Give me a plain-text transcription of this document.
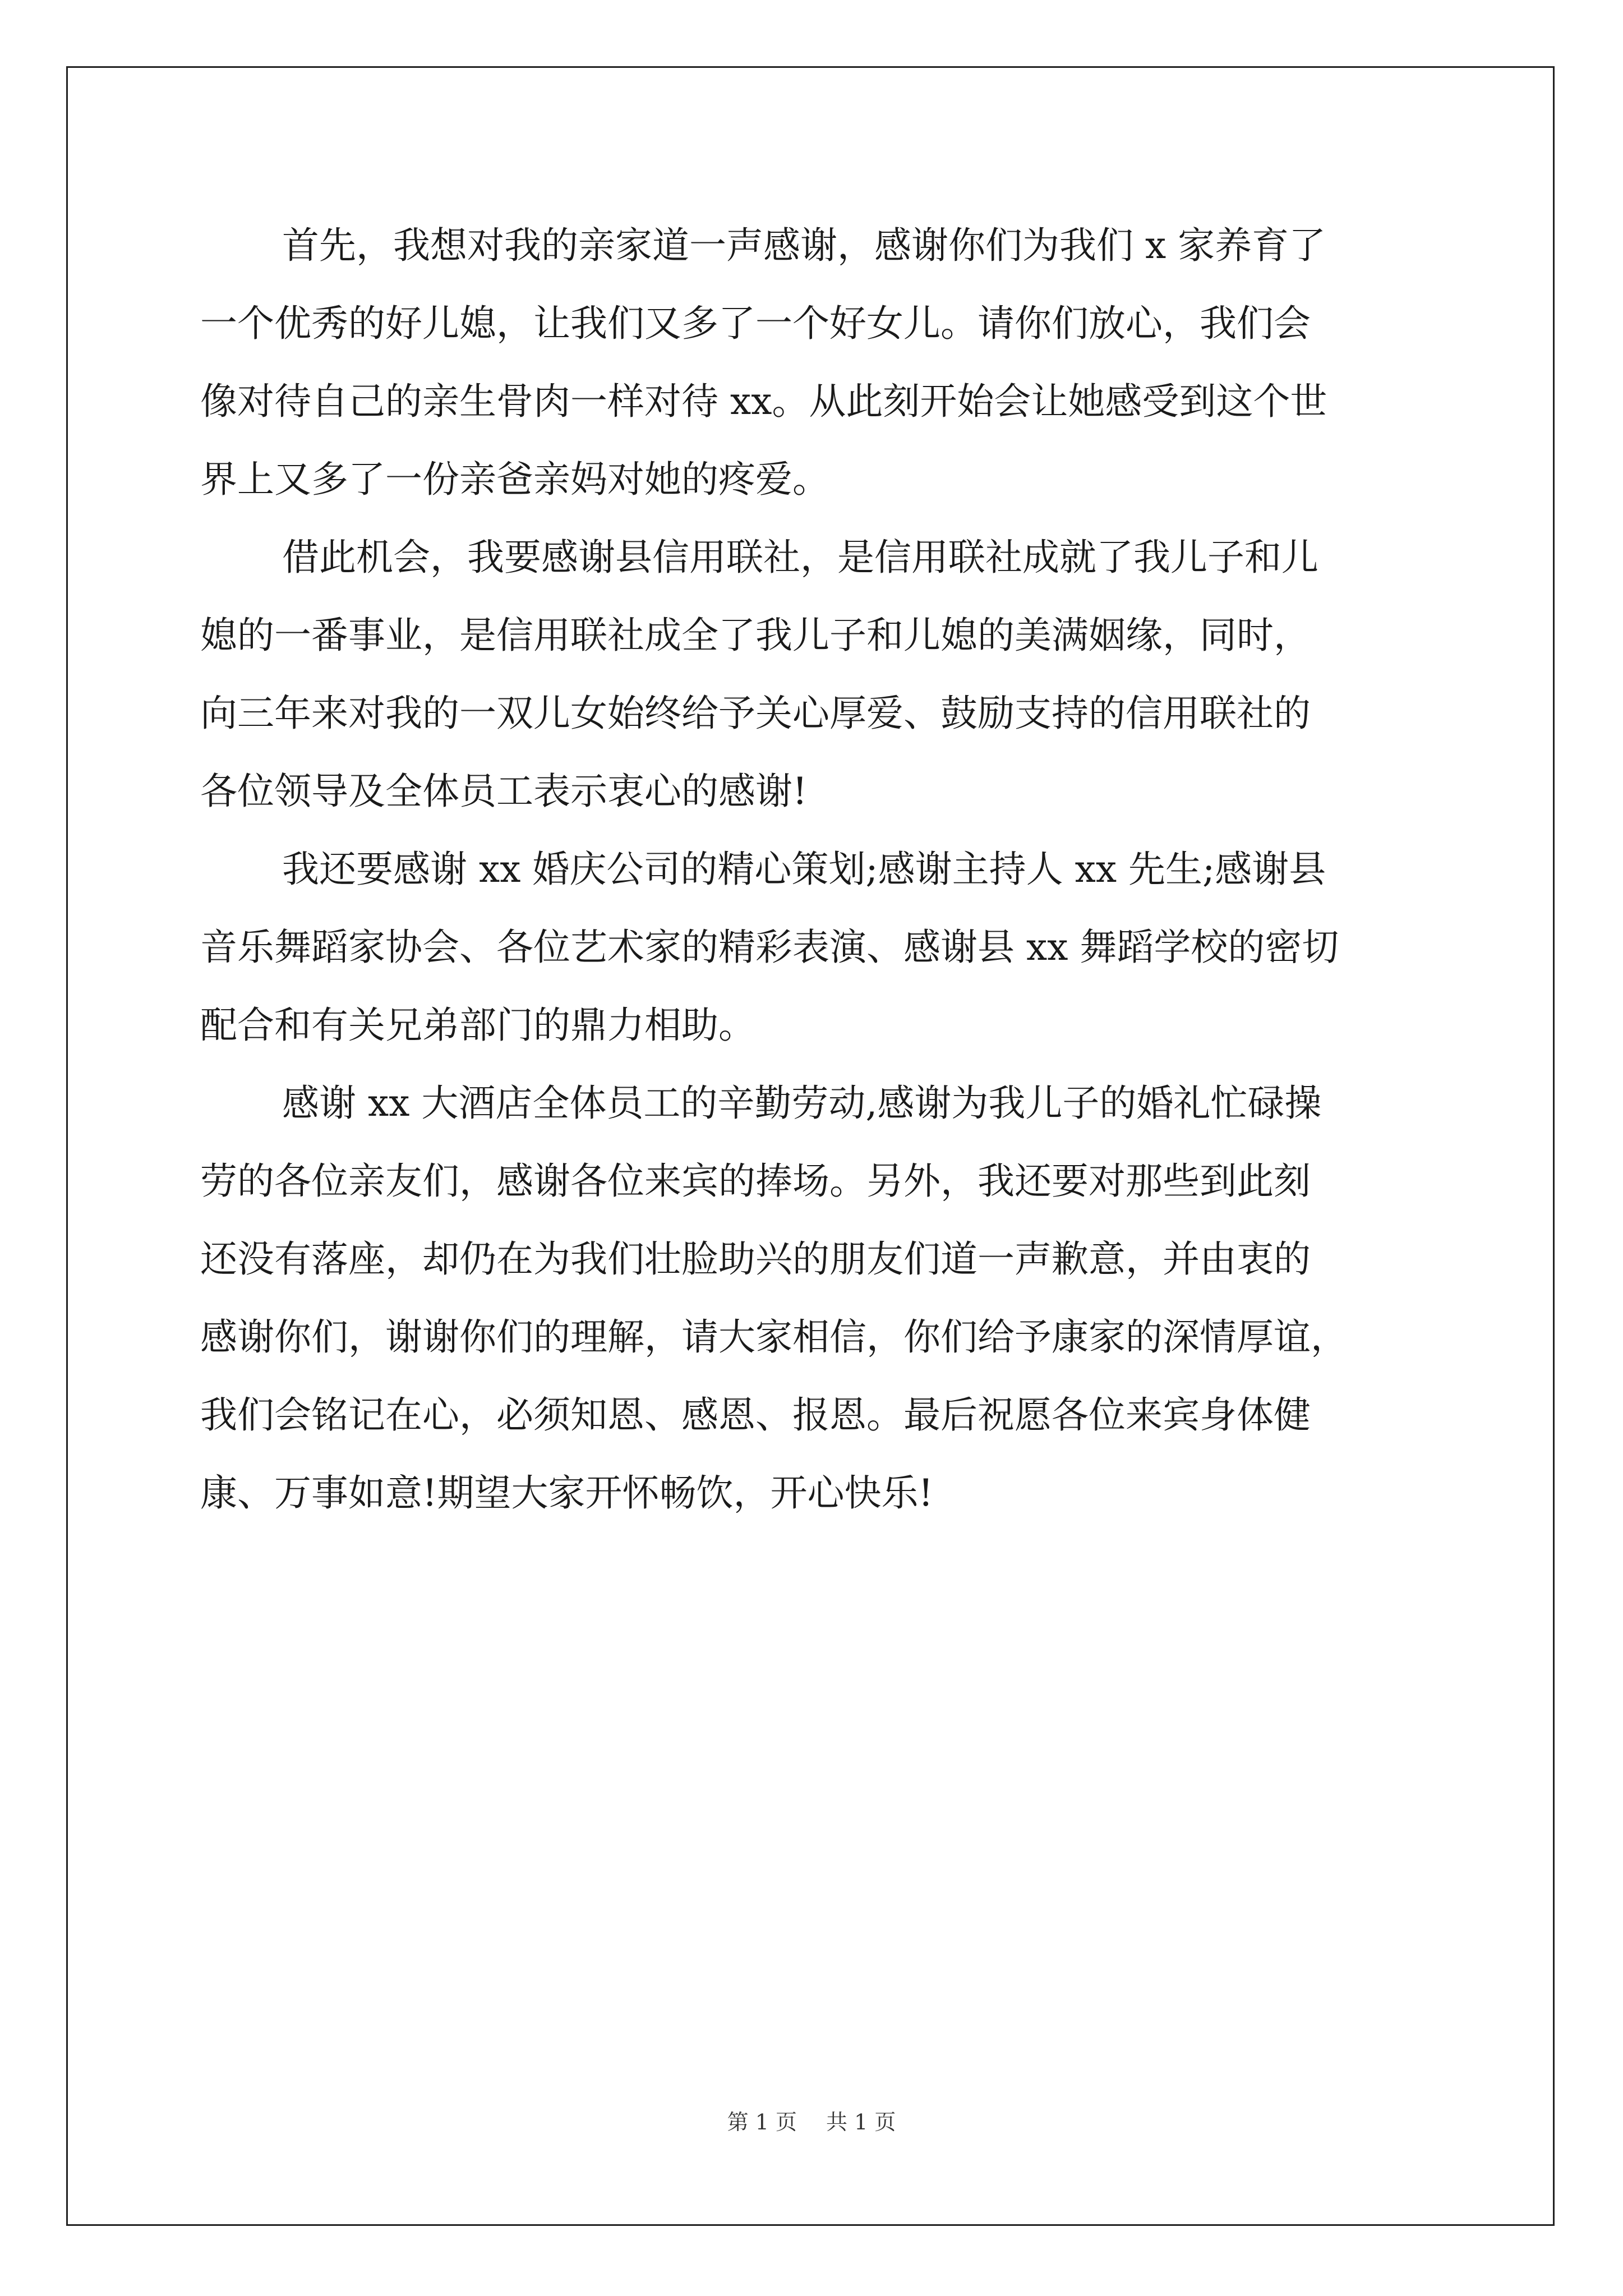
首先，我想对我的亲家道一声感谢，感谢你们为我们 x 家养育了
一个优秀的好儿媳，让我们又多了一个好女儿。请你们放心，我们会
像对待自己的亲生骨肉一样对待 xx。从此刻开始会让她感受到这个世
界上又多了一份亲爸亲妈对她的疼爱。
借此机会，我要感谢县信用联社，是信用联社成就了我儿子和儿
媳的一番事业，是信用联社成全了我儿子和儿媳的美满姻缘，同时，
向三年来对我的一双儿女始终给予关心厚爱、鼓励支持的信用联社的
各位领导及全体员工表示衷心的感谢!
我还要感谢 xx 婚庆公司的精心策划;感谢主持人 xx 先生;感谢县
音乐舞蹈家协会、各位艺术家的精彩表演、感谢县 xx 舞蹈学校的密切
配合和有关兄弟部门的鼎力相助。
感谢 xx 大酒店全体员工的辛勤劳动,感谢为我儿子的婚礼忙碌操
劳的各位亲友们，感谢各位来宾的捧场。另外，我还要对那些到此刻
还没有落座，却仍在为我们壮脸助兴的朋友们道一声歉意，并由衷的
感谢你们，谢谢你们的理解，请大家相信，你们给予康家的深情厚谊，
我们会铭记在心，必须知恩、感恩、报恩。最后祝愿各位来宾身体健
康、万事如意!期望大家开怀畅饮，开心快乐!
第 1 页 共 1 页
